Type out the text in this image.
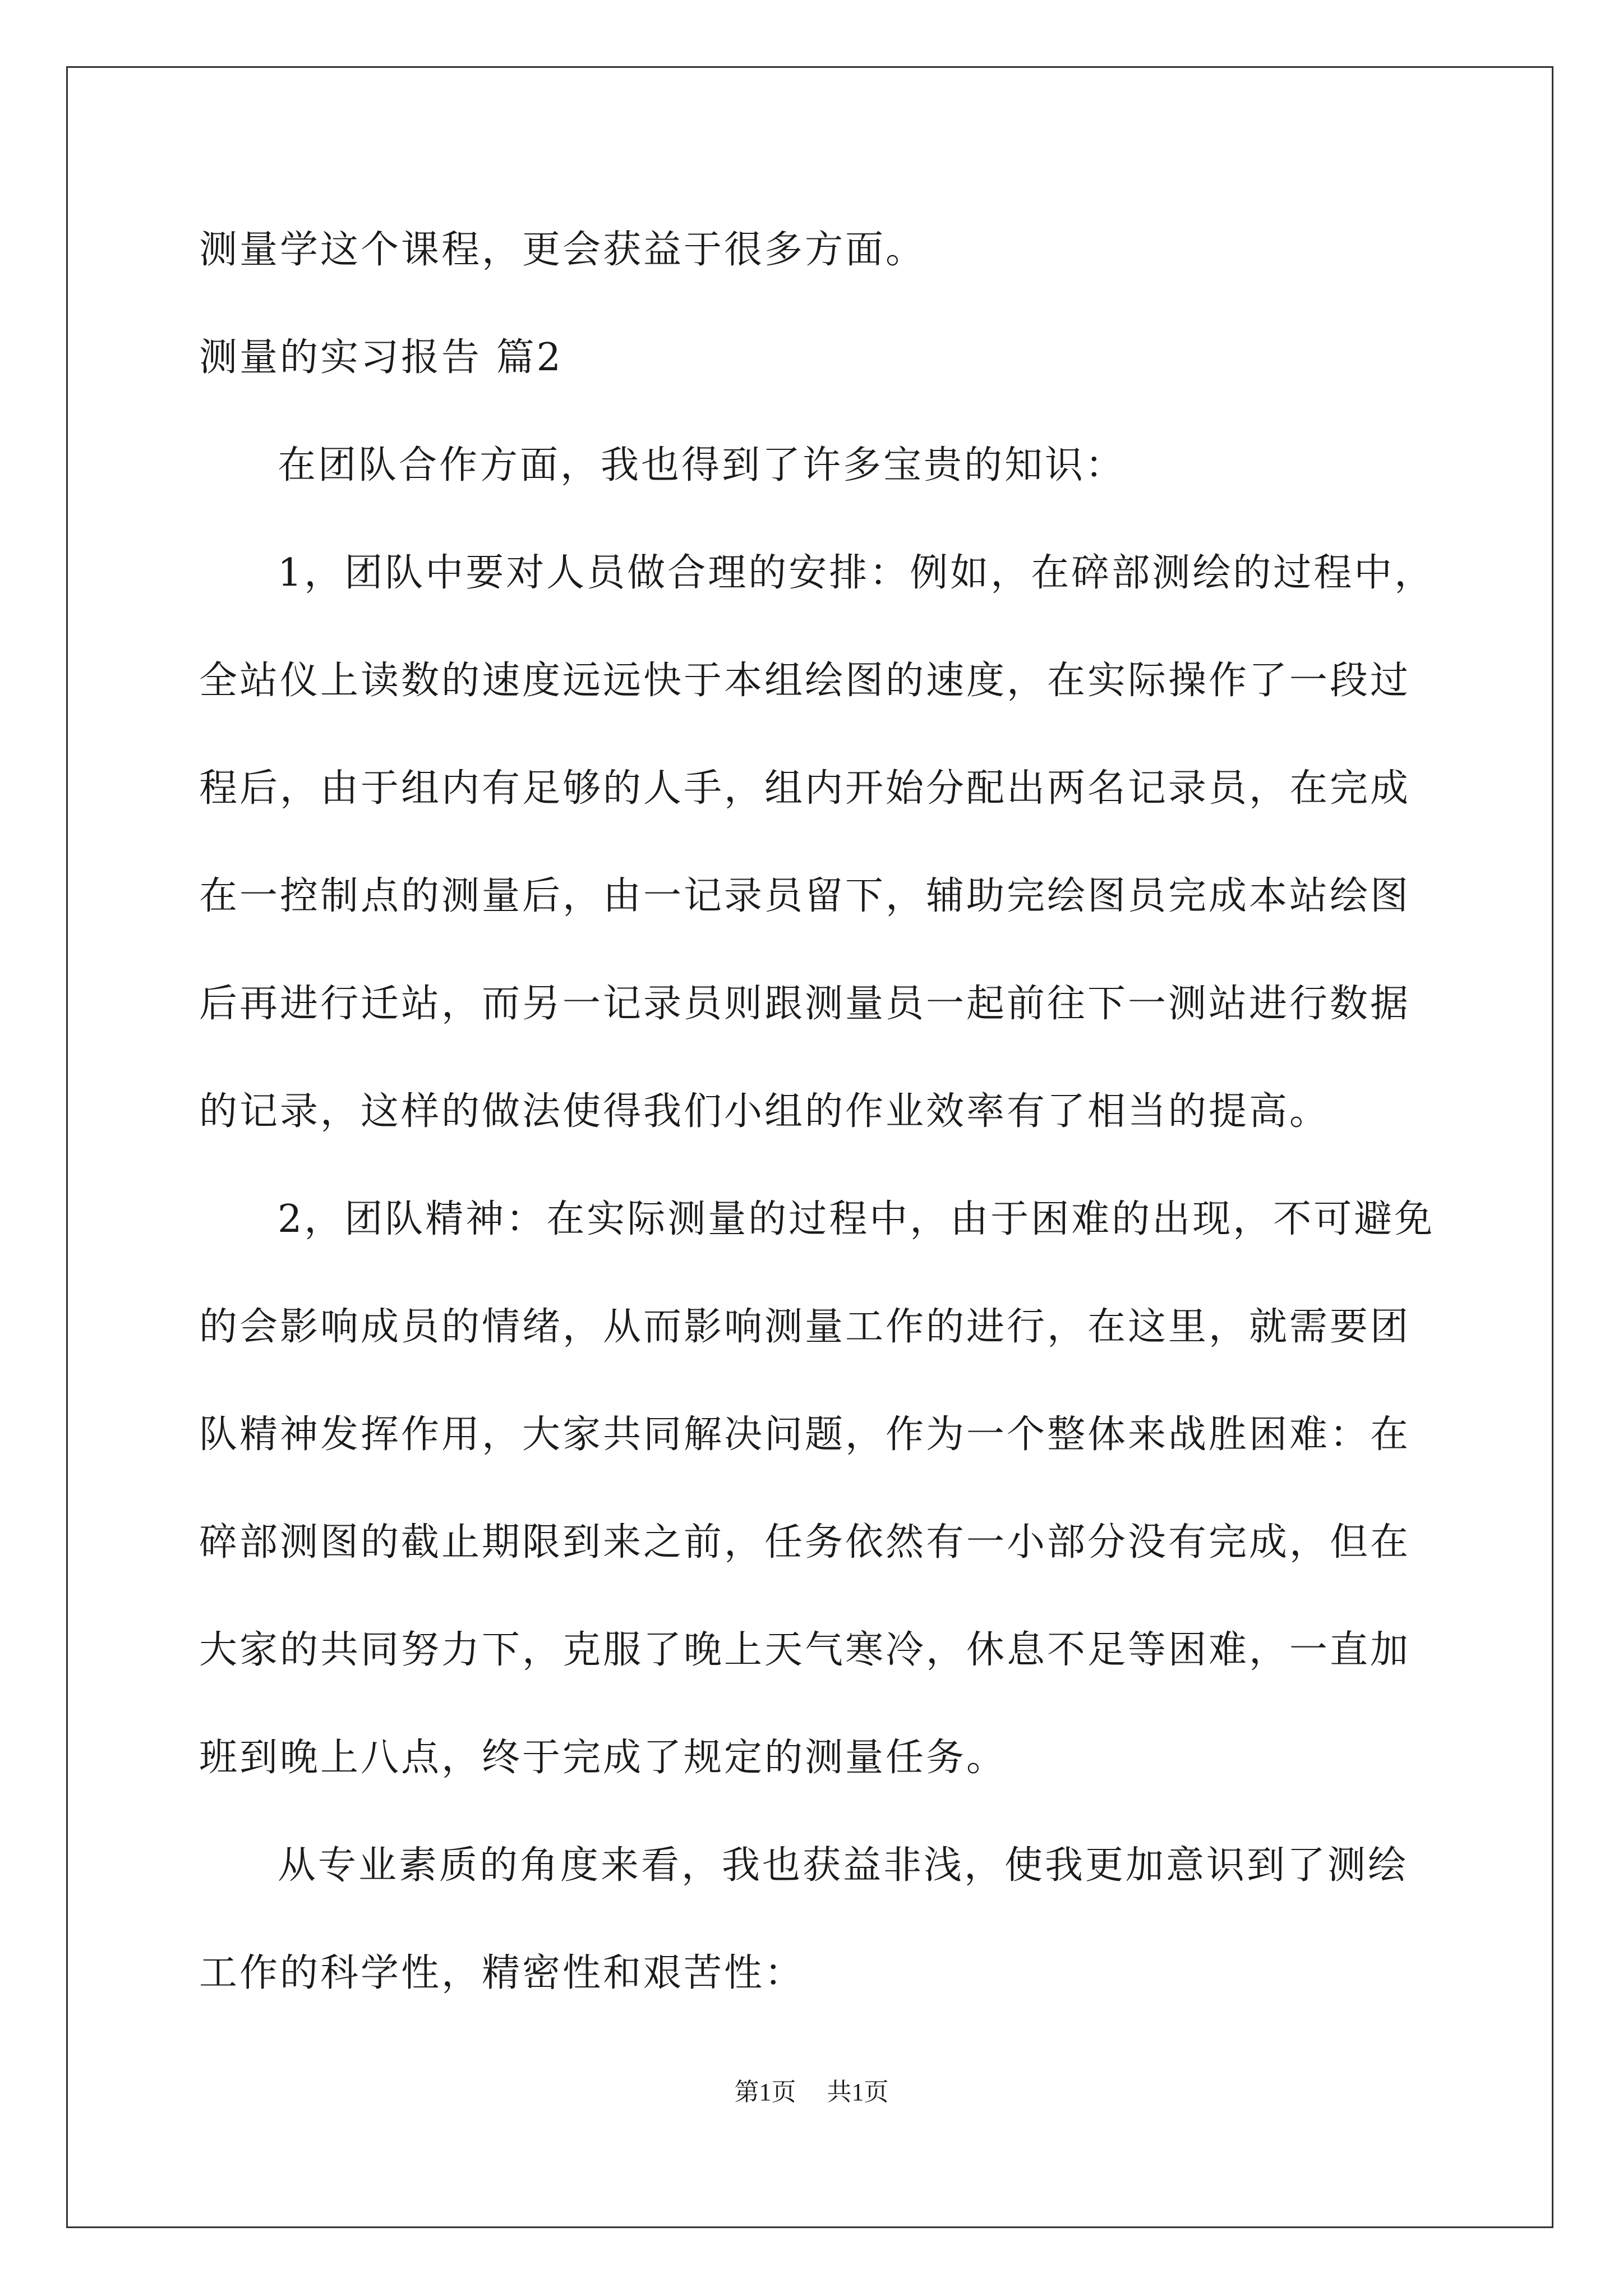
测量学这个课程，更会获益于很多方面。
测量的实习报告 篇2
在团队合作方面，我也得到了许多宝贵的知识：
1，团队中要对人员做合理的安排：例如，在碎部测绘的过程中，
全站仪上读数的速度远远快于本组绘图的速度，在实际操作了一段过
程后，由于组内有足够的人手，组内开始分配出两名记录员，在完成
在一控制点的测量后，由一记录员留下，辅助完绘图员完成本站绘图
后再进行迁站，而另一记录员则跟测量员一起前往下一测站进行数据
的记录，这样的做法使得我们小组的作业效率有了相当的提高。
2，团队精神：在实际测量的过程中，由于困难的出现，不可避免
的会影响成员的情绪，从而影响测量工作的进行，在这里，就需要团
队精神发挥作用，大家共同解决问题，作为一个整体来战胜困难：在
碎部测图的截止期限到来之前，任务依然有一小部分没有完成，但在
大家的共同努力下，克服了晚上天气寒冷，休息不足等困难，一直加
班到晚上八点，终于完成了规定的测量任务。
从专业素质的角度来看，我也获益非浅，使我更加意识到了测绘
工作的科学性，精密性和艰苦性：
第1页 共1页
